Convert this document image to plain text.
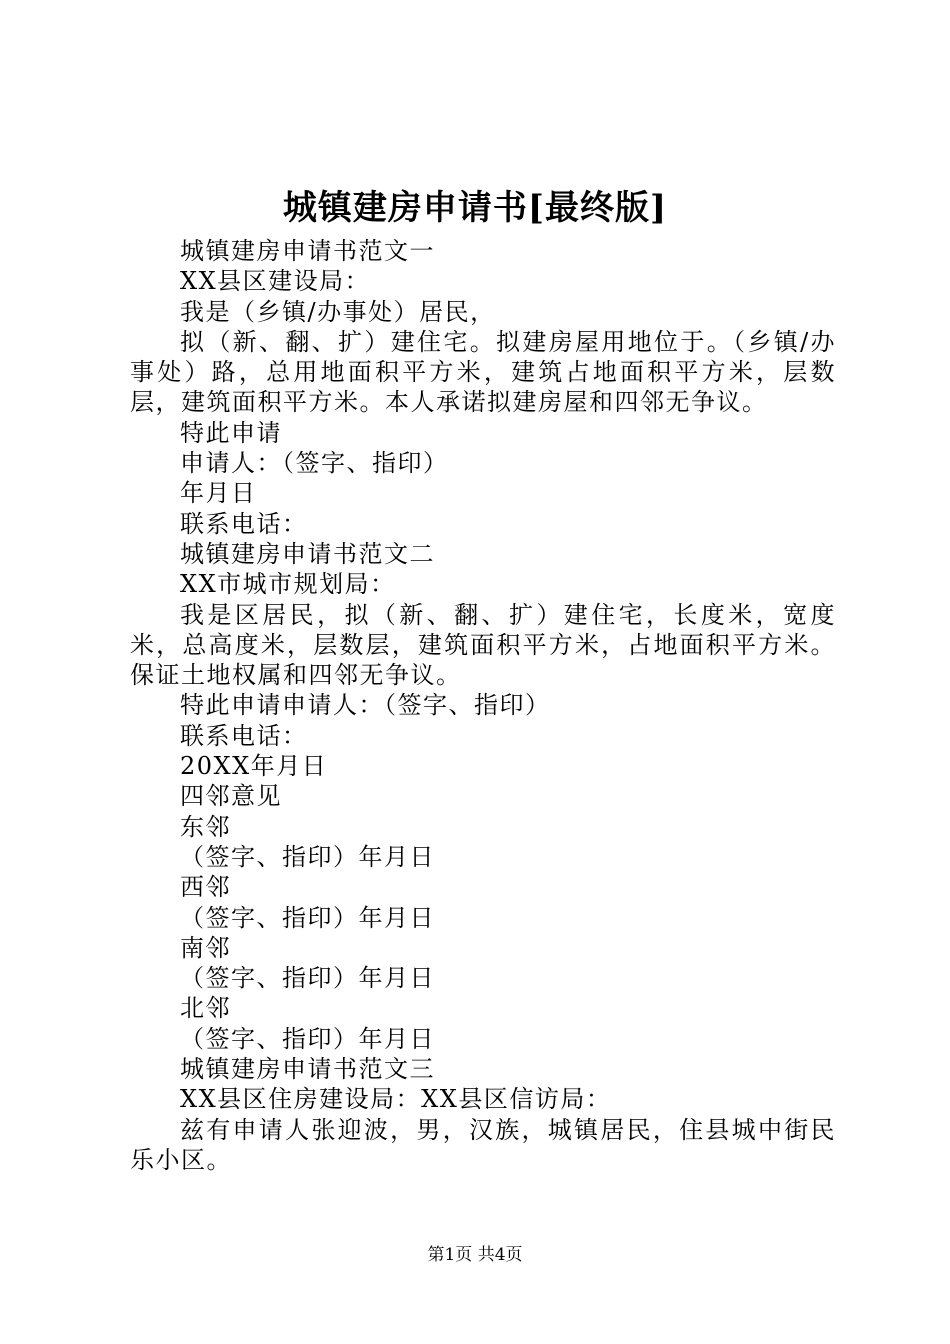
城镇建房申请书[最终版]

城镇建房申请书范文一

XX县区建设局：

我是（乡镇/办事处）居民，

拟（新、翻、扩）建住宅。拟建房屋用地位于。（乡镇/办事处）路，总用地面积平方米，建筑占地面积平方米，层数层，建筑面积平方米。本人承诺拟建房屋和四邻无争议。

特此申请

申请人：（签字、指印）

年月日

联系电话：

城镇建房申请书范文二

XX市城市规划局：

我是区居民，拟（新、翻、扩）建住宅，长度米，宽度米，总高度米，层数层，建筑面积平方米，占地面积平方米。保证土地权属和四邻无争议。

特此申请申请人：（签字、指印）

联系电话：

20XX年月日

四邻意见

东邻

（签字、指印）年月日

西邻

（签字、指印）年月日

南邻

（签字、指印）年月日

北邻

（签字、指印）年月日

城镇建房申请书范文三

XX县区住房建设局：XX县区信访局：

兹有申请人张迎波，男，汉族，城镇居民，住县城中街民乐小区。

第1页 共4页
